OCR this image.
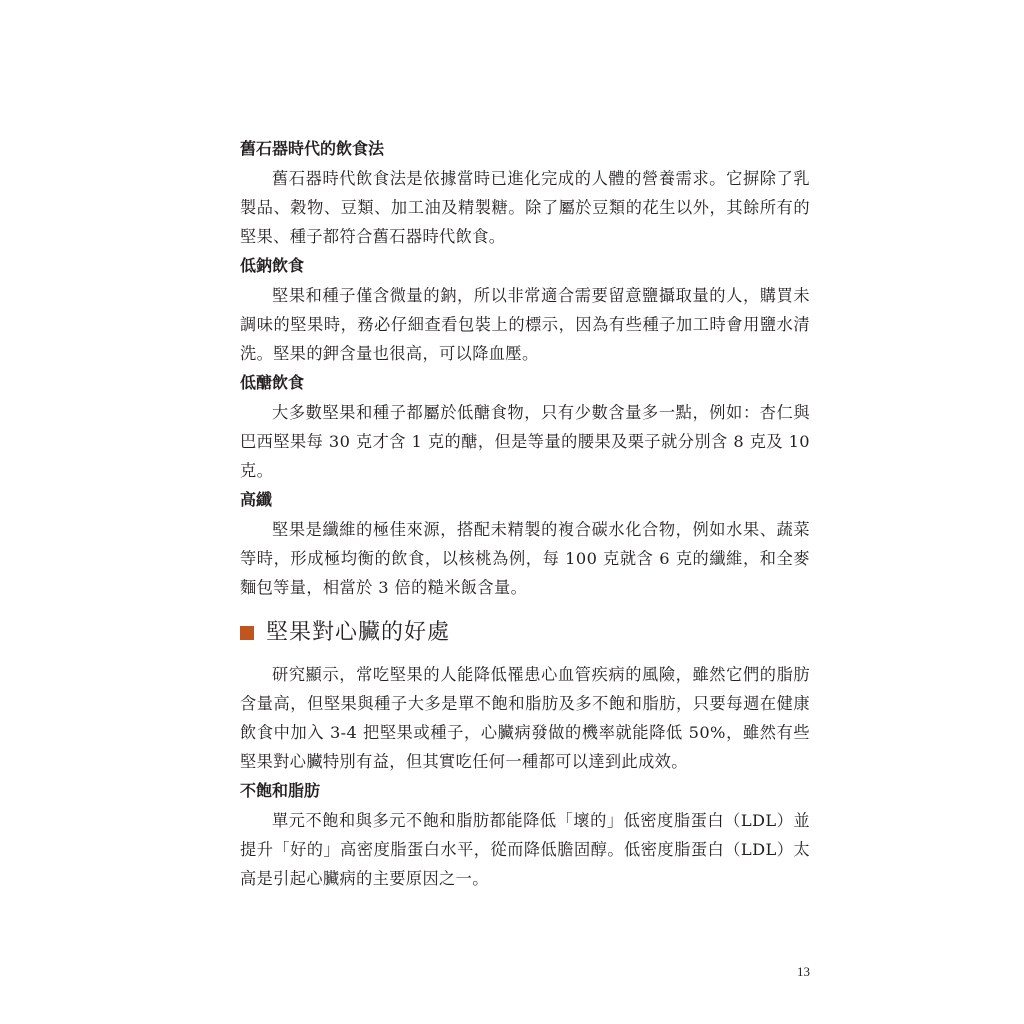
舊石器時代的飲食法

舊石器時代飲食法是依據當時已進化完成的人體的營養需求。它摒除了乳製品、穀物、豆類、加工油及精製糖。除了屬於豆類的花生以外，其餘所有的堅果、種子都符合舊石器時代飲食。

低鈉飲食

堅果和種子僅含微量的鈉，所以非常適合需要留意鹽攝取量的人，購買未調味的堅果時，務必仔細查看包裝上的標示，因為有些種子加工時會用鹽水清洗。堅果的鉀含量也很高，可以降血壓。

低醣飲食

大多數堅果和種子都屬於低醣食物，只有少數含量多一點，例如：杏仁與巴西堅果每 30 克才含 1 克的醣，但是等量的腰果及栗子就分別含 8 克及 10 克。

高纖

堅果是纖維的極佳來源，搭配未精製的複合碳水化合物，例如水果、蔬菜等時，形成極均衡的飲食，以核桃為例，每 100 克就含 6 克的纖維，和全麥麵包等量，相當於 3 倍的糙米飯含量。

堅果對心臟的好處

研究顯示，常吃堅果的人能降低罹患心血管疾病的風險，雖然它們的脂肪含量高，但堅果與種子大多是單不飽和脂肪及多不飽和脂肪，只要每週在健康飲食中加入 3-4 把堅果或種子，心臟病發做的機率就能降低 50%，雖然有些堅果對心臟特別有益，但其實吃任何一種都可以達到此成效。

不飽和脂肪

單元不飽和與多元不飽和脂肪都能降低「壞的」低密度脂蛋白（LDL）並提升「好的」高密度脂蛋白水平，從而降低膽固醇。低密度脂蛋白（LDL）太高是引起心臟病的主要原因之一。

13
